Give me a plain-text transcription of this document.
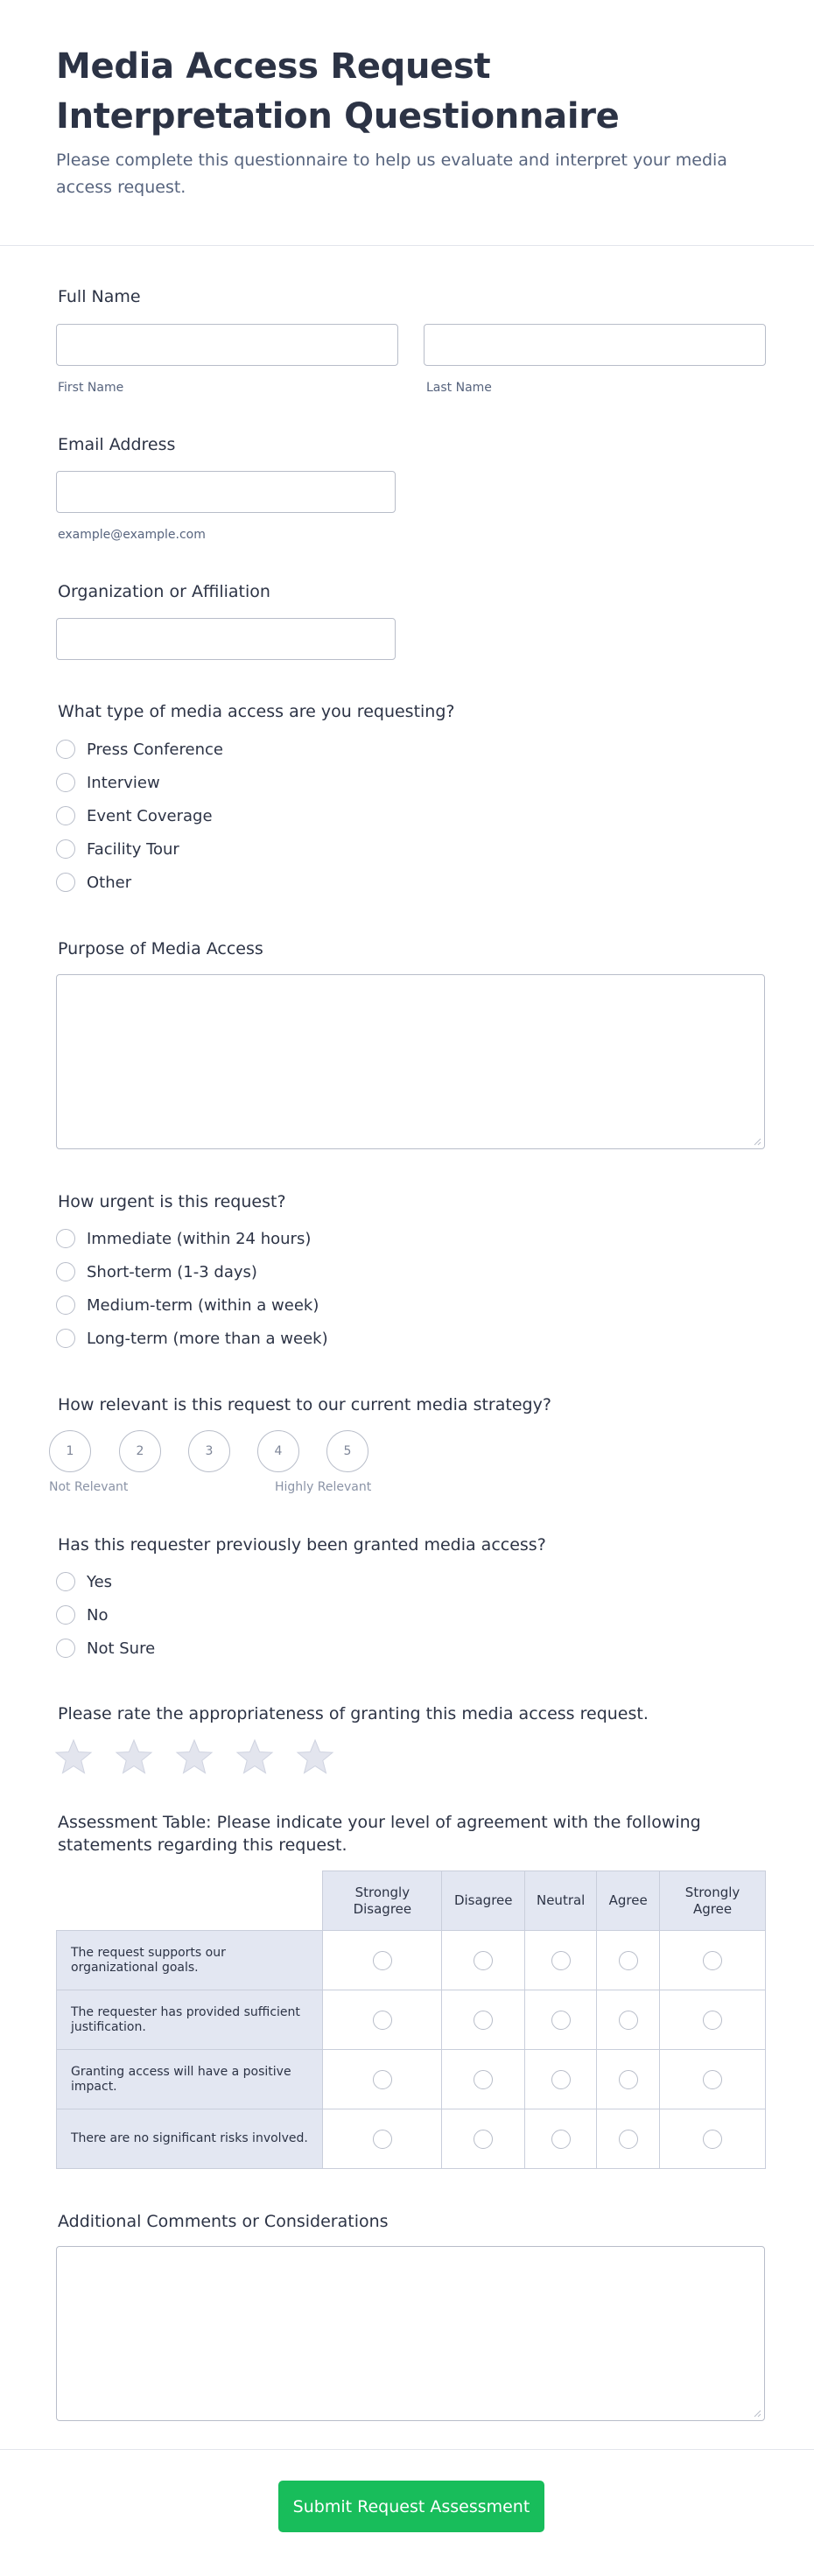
Media Access Request Interpretation Questionnaire
Please complete this questionnaire to help us evaluate and interpret your media access request.
Full Name
First Name	Last Name
Email Address
example@example.com
Organization or Affiliation
What type of media access are you requesting?
Press Conference
Interview
Event Coverage
Facility Tour
Other
Purpose of Media Access
How urgent is this request?
Immediate (within 24 hours)
Short-term (1-3 days)
Medium-term (within a week)
Long-term (more than a week)
How relevant is this request to our current media strategy?
1	2	3	4	5
Not Relevant	Highly Relevant
Has this requester previously been granted media access?
Yes
No
Not Sure
Please rate the appropriateness of granting this media access request.
Assessment Table: Please indicate your level of agreement with the following statements regarding this request.
	Strongly Disagree	Disagree	Neutral	Agree	Strongly Agree
The request supports our organizational goals.					
The requester has provided sufficient justification.					
Granting access will have a positive impact.					
There are no significant risks involved.					
Additional Comments or Considerations
Submit Request Assessment
